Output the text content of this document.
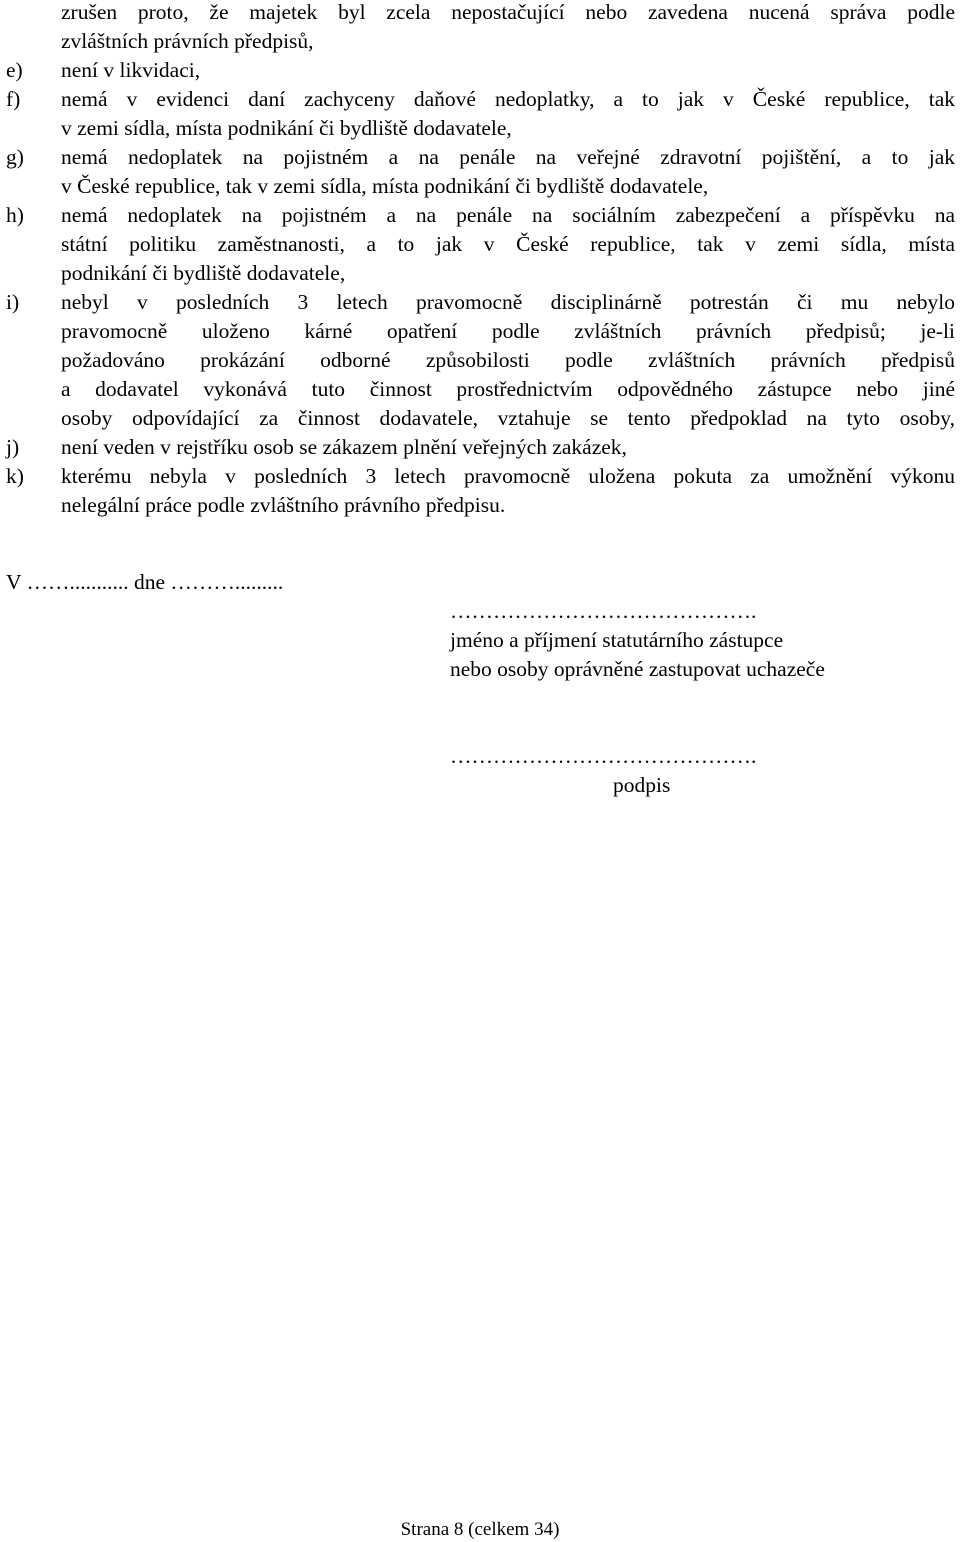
zrušen proto, že majetek byl zcela nepostačující nebo zavedena nucená správa podle
zvláštních právních předpisů,
e) není v likvidaci,
f) nemá v evidenci daní zachyceny daňové nedoplatky, a to jak v České republice, tak
v zemi sídla, místa podnikání či bydliště dodavatele,
g) nemá nedoplatek na pojistném a na penále na veřejné zdravotní pojištění, a to jak
v České republice, tak v zemi sídla, místa podnikání či bydliště dodavatele,
h) nemá nedoplatek na pojistném a na penále na sociálním zabezpečení a příspěvku na
státní politiku zaměstnanosti, a to jak v České republice, tak v zemi sídla, místa
podnikání či bydliště dodavatele,
i) nebyl v posledních 3 letech pravomocně disciplinárně potrestán či mu nebylo
pravomocně uloženo kárné opatření podle zvláštních právních předpisů; je-li
požadováno prokázání odborné způsobilosti podle zvláštních právních předpisů
a dodavatel vykonává tuto činnost prostřednictvím odpovědného zástupce nebo jiné
osoby odpovídající za činnost dodavatele, vztahuje se tento předpoklad na tyto osoby,
j) není veden v rejstříku osob se zákazem plnění veřejných zakázek,
k) kterému nebyla v posledních 3 letech pravomocně uložena pokuta za umožnění výkonu
nelegální práce podle zvláštního právního předpisu.
V ……........... dne ……….........
…………………………………….
jméno a příjmení statutárního zástupce
nebo osoby oprávněné zastupovat uchazeče
…………………………………….
podpis
Strana 8 (celkem 34)
